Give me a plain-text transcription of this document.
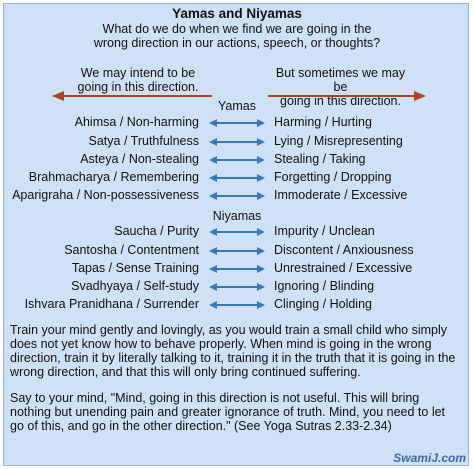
Yamas and Niyamas
What do we do when we find we are going in the
wrong direction in our actions, speech, or thoughts?
We may intend to be
going in this direction.
But sometimes we may be
going in this direction.
Yamas
Ahimsa / Non-harming	Harming / Hurting
Satya / Truthfulness	Lying / Misrepresenting
Asteya / Non-stealing	Stealing / Taking
Brahmacharya / Remembering	Forgetting / Dropping
Aparigraha / Non-possessiveness	Immoderate / Excessive
Niyamas
Saucha / Purity	Impurity / Unclean
Santosha / Contentment	Discontent / Anxiousness
Tapas / Sense Training	Unrestrained / Excessive
Svadhyaya / Self-study	Ignoring / Blinding
Ishvara Pranidhana / Surrender	Clinging / Holding
Train your mind gently and lovingly, as you would train a small child who simply
does not yet know how to behave properly. When mind is going in the wrong
direction, train it by literally talking to it, training it in the truth that it is going in the
wrong direction, and that this will only bring continued suffering.
Say to your mind, "Mind, going in this direction is not useful. This will bring
nothing but unending pain and greater ignorance of truth. Mind, you need to let
go of this, and go in the other direction." (See Yoga Sutras 2.33-2.34)
SwamiJ.com
